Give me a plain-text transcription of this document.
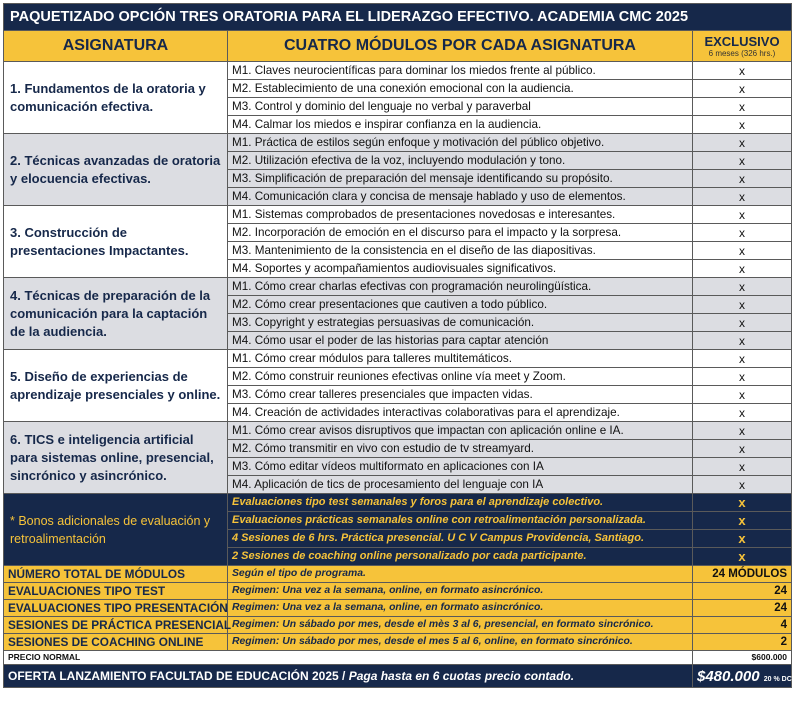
PAQUETIZADO OPCIÓN TRES ORATORIA PARA EL LIDERAZGO EFECTIVO. ACADEMIA CMC 2025		
ASIGNATURA	CUATRO MÓDULOS POR CADA ASIGNATURA	EXCLUSIVO
6 meses (326 hrs.)

1. Fundamentos de la oratoria y comunicación efectiva.	M1. Claves neurocientíficas para dominar los miedos frente al público.	x
	M2. Establecimiento de una conexión emocional con la audiencia.	x
	M3. Control y dominio del lenguaje no verbal y paraverbal	x
	M4. Calmar los miedos e inspirar confianza en la audiencia.	x
2. Técnicas avanzadas de oratoria y elocuencia efectivas.	M1. Práctica de estilos según enfoque y motivación del público objetivo.	x
	M2. Utilización efectiva de la voz, incluyendo modulación y tono.	x
	M3. Simplificación de preparación del mensaje identificando su propósito.	x
	M4. Comunicación clara y concisa de mensaje hablado y uso de elementos.	x
3. Construcción de presentaciones Impactantes.	M1. Sistemas comprobados de presentaciones novedosas e interesantes.	x
	M2. Incorporación de emoción en el discurso para el impacto y la sorpresa.	x
	M3. Mantenimiento de la consistencia en el diseño de las diapositivas.	x
	M4. Soportes y acompañamientos audiovisuales significativos.	x
4. Técnicas de preparación de la comunicación para la captación de la audiencia.	M1. Cómo crear charlas efectivas con programación neurolingüística.	x
	M2. Cómo crear presentaciones que cautiven a todo público.	x
	M3. Copyright y estrategias persuasivas de comunicación.	x
	M4. Cómo usar el poder de las historias para captar atención	x
5. Diseño de experiencias de aprendizaje presenciales y online.	M1. Cómo crear módulos para talleres multitemáticos.	x
	M2. Cómo construir reuniones efectivas online vía meet y Zoom.	x
	M3. Cómo crear talleres presenciales que impacten vidas.	x
	M4. Creación de actividades interactivas colaborativas para el aprendizaje.	x
6. TICS e inteligencia artificial para sistemas online, presencial, sincrónico y asincrónico.	M1. Cómo crear avisos disruptivos que impactan con aplicación online e IA.	x
	M2. Cómo transmitir en vivo con estudio de tv streamyard.	x
	M3. Cómo editar vídeos multiformato en aplicaciones con IA	x
	M4. Aplicación de tics de procesamiento del lenguaje con IA	x
* Bonos adicionales de evaluación y retroalimentación	Evaluaciones tipo test semanales y foros para el aprendizaje colectivo.	x
	Evaluaciones prácticas semanales online con retroalimentación personalizada.	x
	4 Sesiones de 6 hrs. Práctica presencial. U C V Campus Providencia, Santiago.	x
	2 Sesiones de coaching online personalizado por cada participante.	x
NÚMERO TOTAL DE MÓDULOS	Según el tipo de programa.	24 MÓDULOS
EVALUACIONES TIPO TEST	Regimen: Una vez a la semana, online, en formato asincrónico.	24
EVALUACIONES TIPO PRESENTACIÓN	Regimen: Una vez a la semana, online, en formato asincrónico.	24
SESIONES DE PRÁCTICA PRESENCIAL	Regimen: Un sábado por mes, desde el mès 3 al 6, presencial, en formato sincrónico.	4
SESIONES DE COACHING ONLINE	Regimen: Un sábado por mes, desde el mes 5 al 6, online, en formato sincrónico.	2
PRECIO NORMAL		$600.000
OFERTA LANZAMIENTO FACULTAD DE EDUCACIÓN 2025 / Paga hasta en 6 cuotas precio contado.		$480.000 20 % DCTO
